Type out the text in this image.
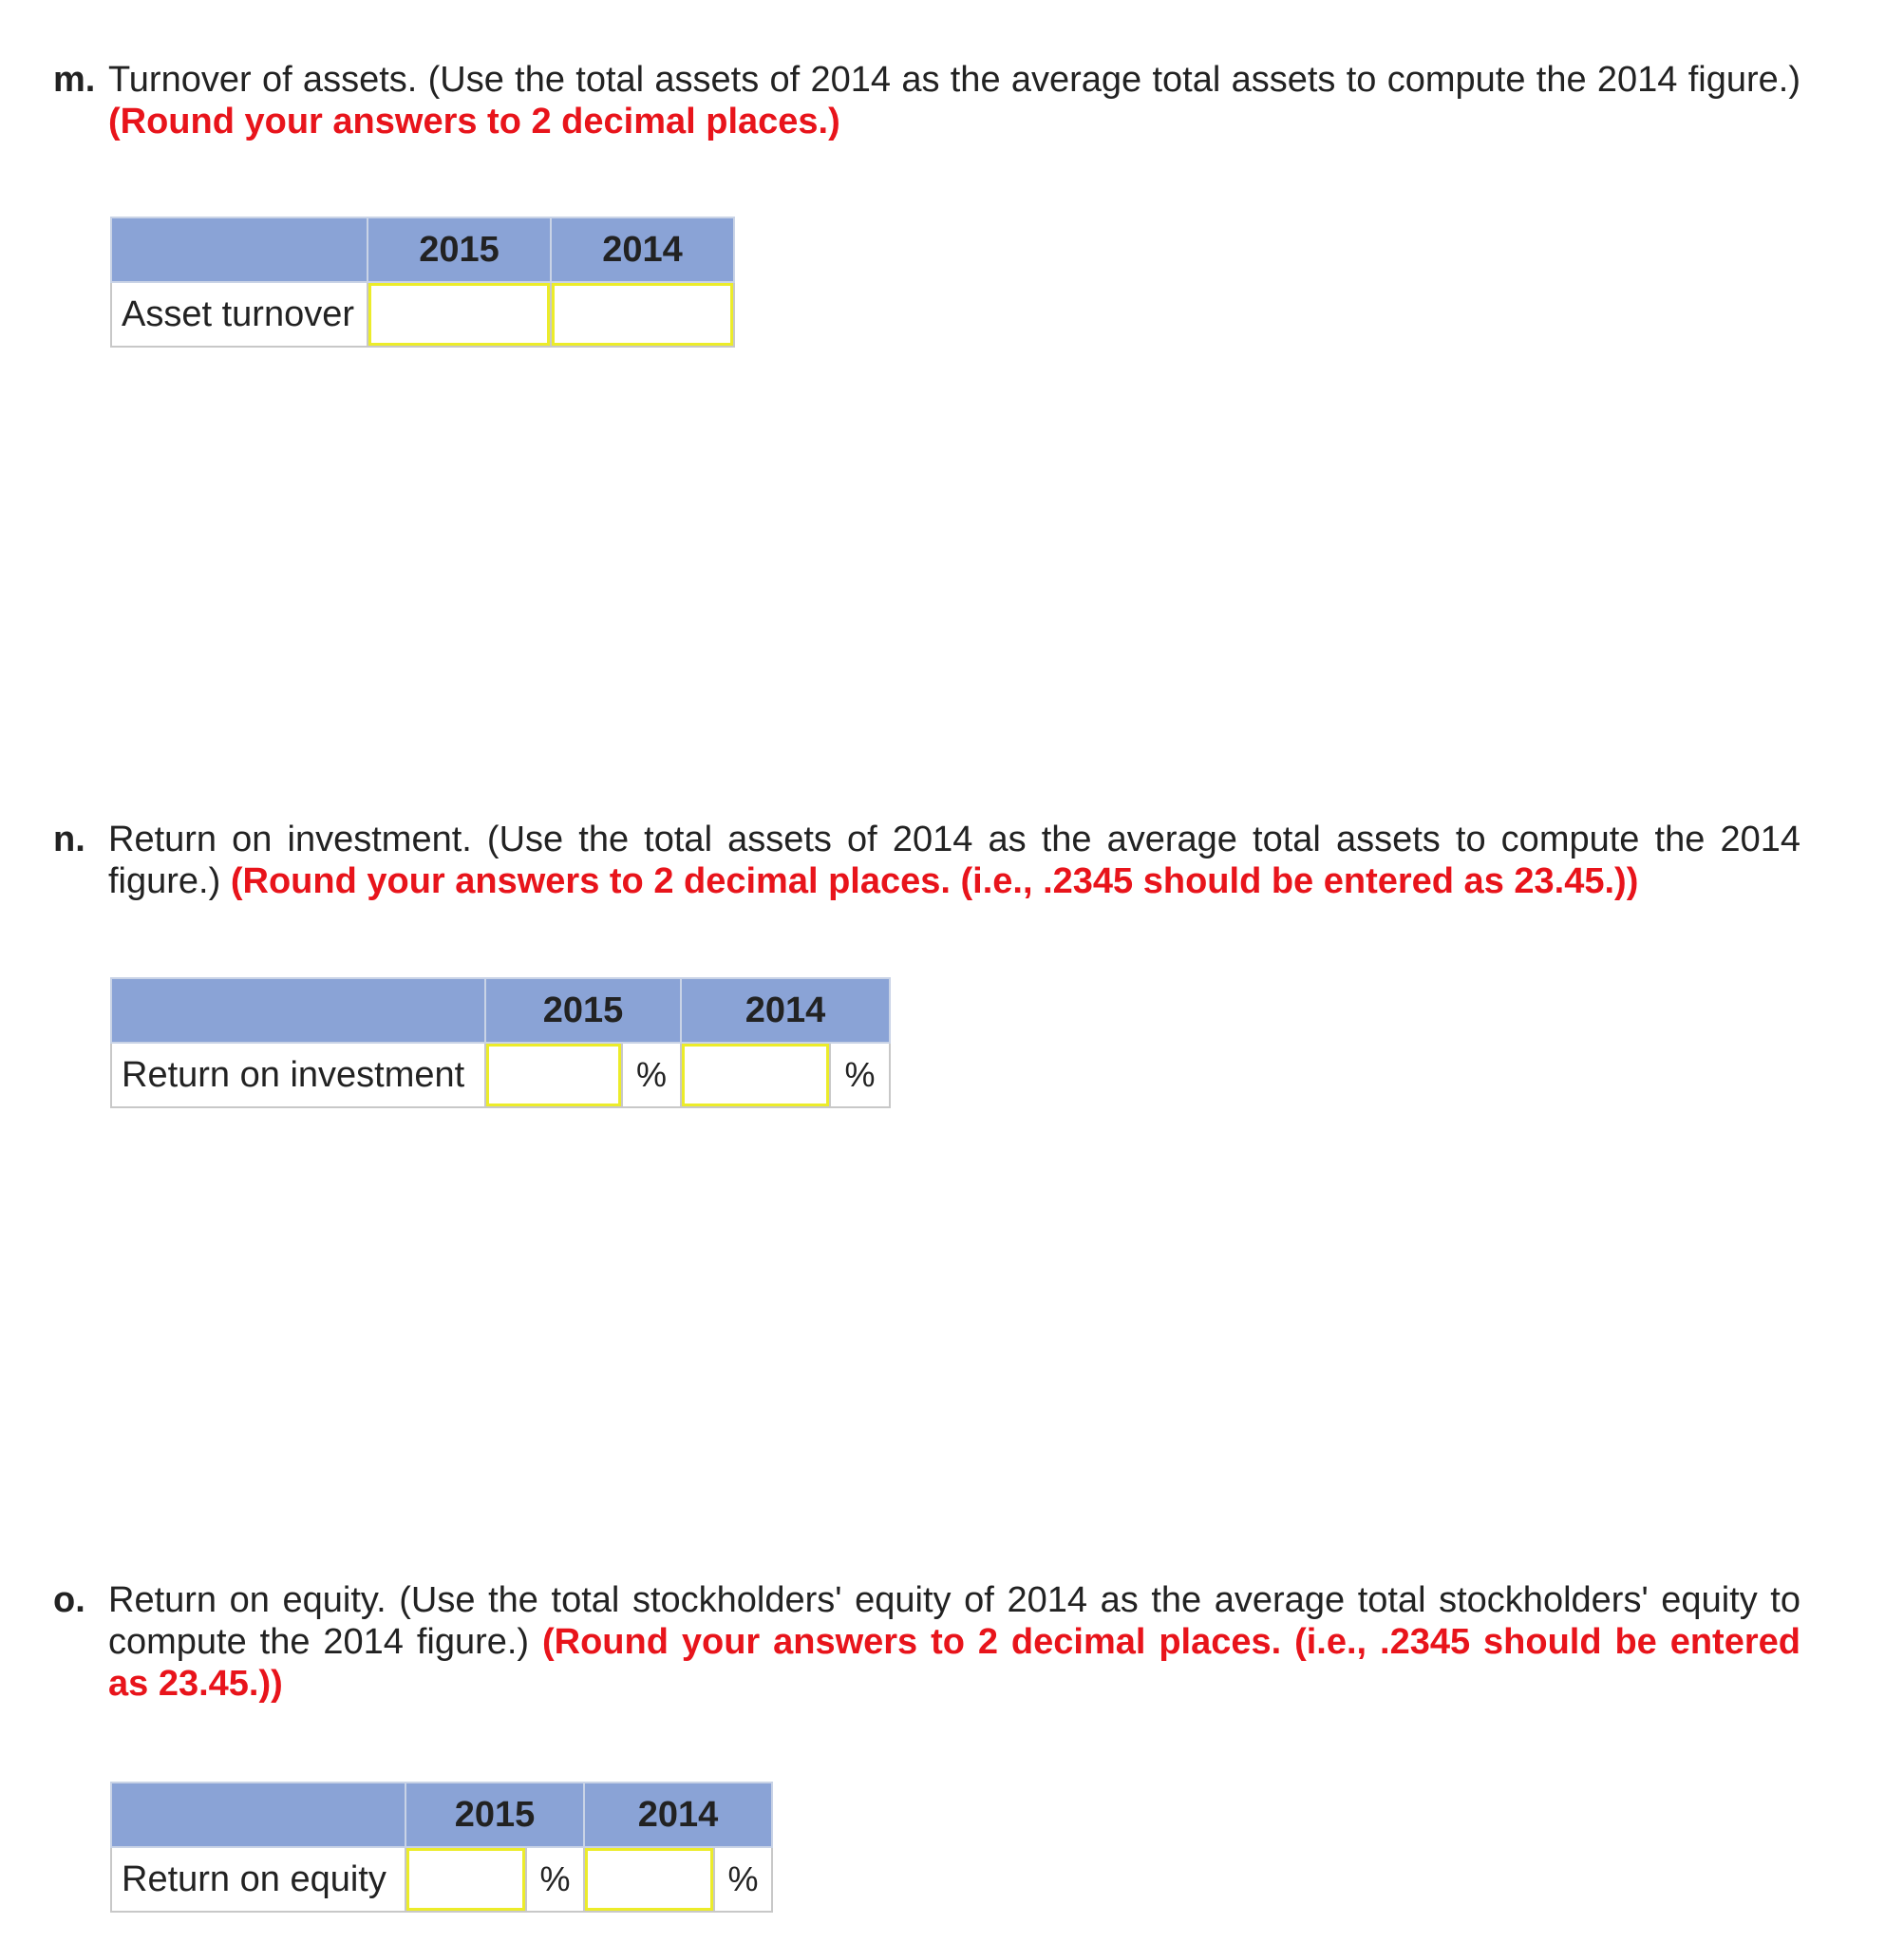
m. Turnover of assets. (Use the total assets of 2014 as the average total assets to compute the 2014 figure.) (Round your answers to 2 decimal places.)
	2015	2014
Asset turnover	

n. Return on investment. (Use the total assets of 2014 as the average total assets to compute the 2014 figure.) (Round your answers to 2 decimal places. (i.e., .2345 should be entered as 23.45.))
	2015		2014	
Return on investment		%		%
o. Return on equity. (Use the total stockholders' equity of 2014 as the average total stockholders' equity to compute the 2014 figure.) (Round your answers to 2 decimal places. (i.e., .2345 should be entered as 23.45.))
	2015		2014	
Return on equity		%		%
